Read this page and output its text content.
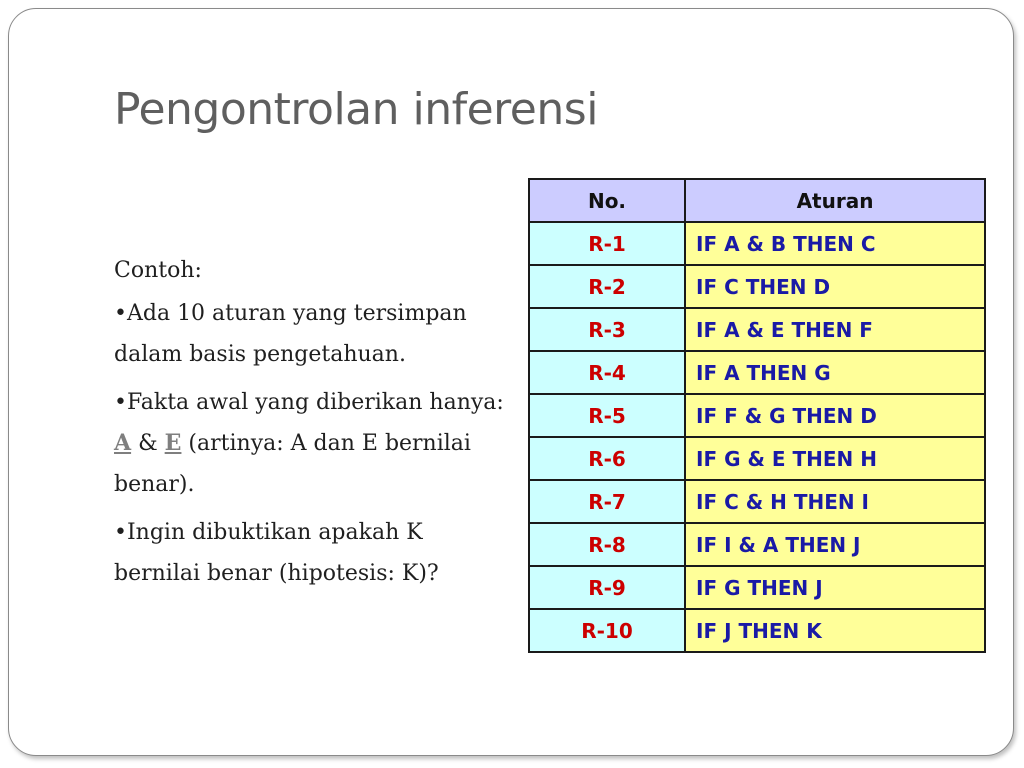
Pengontrolan inferensi

Contoh:

•Ada 10 aturan yang tersimpan dalam basis pengetahuan.

•Fakta awal yang diberikan hanya: A & E (artinya: A dan E bernilai benar).

•Ingin dibuktikan apakah K bernilai benar (hipotesis: K)?

No.	Aturan
R-1	IF A & B THEN C
R-2	IF C THEN D
R-3	IF A & E THEN F
R-4	IF A THEN G
R-5	IF F & G THEN D
R-6	IF G & E THEN H
R-7	IF C & H THEN I
R-8	IF I & A THEN J
R-9	IF G THEN J
R-10	IF J THEN K
